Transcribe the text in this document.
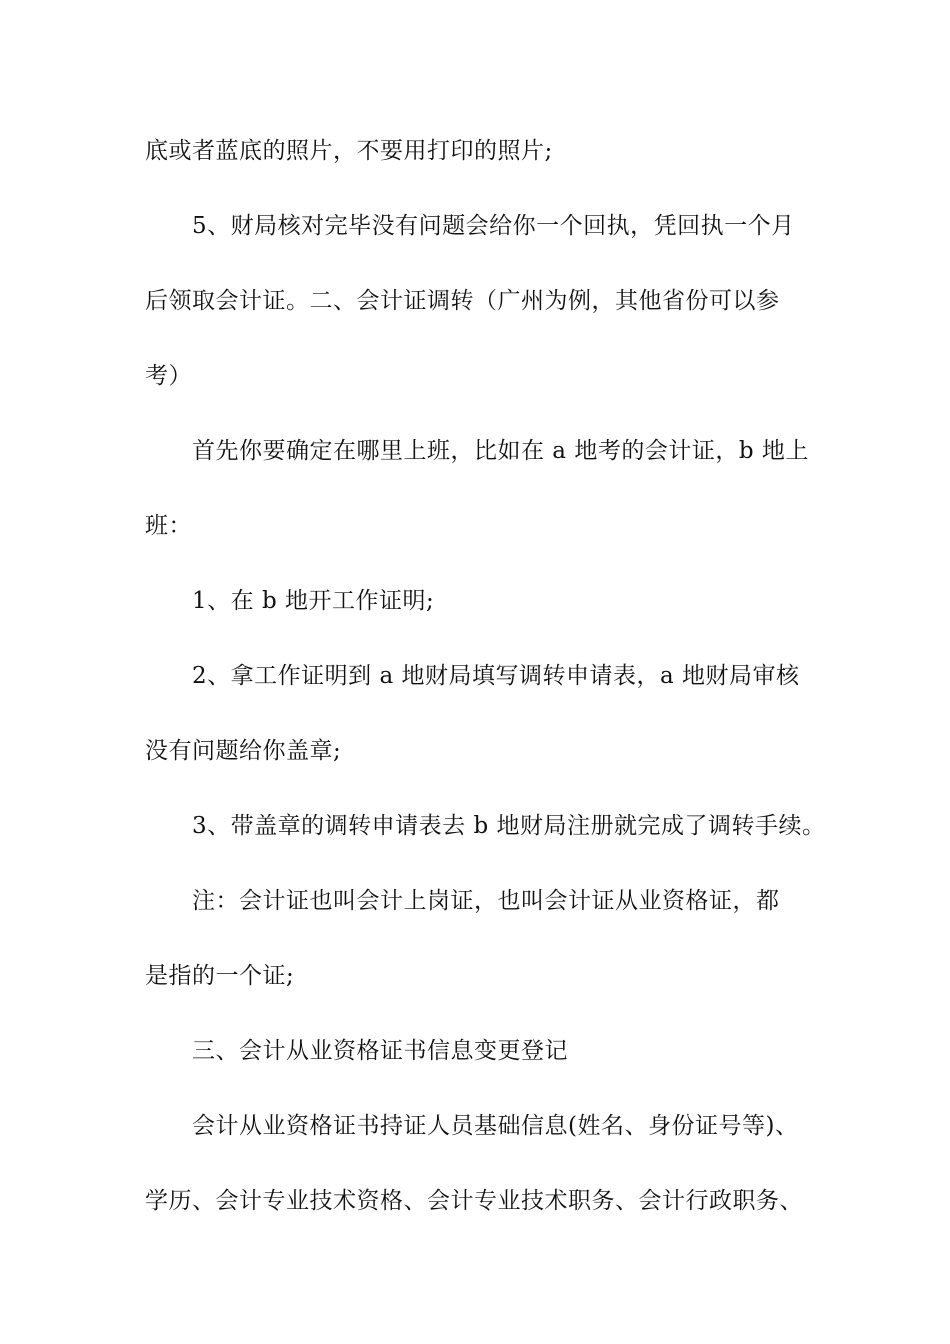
底或者蓝底的照片，不要用打印的照片;
5、财局核对完毕没有问题会给你一个回执，凭回执一个月
后领取会计证。二、会计证调转（广州为例，其他省份可以参
考）
首先你要确定在哪里上班，比如在 a 地考的会计证，b 地上
班：
1、在 b 地开工作证明;
2、拿工作证明到 a 地财局填写调转申请表，a 地财局审核
没有问题给你盖章;
3、带盖章的调转申请表去 b 地财局注册就完成了调转手续。
注：会计证也叫会计上岗证，也叫会计证从业资格证，都
是指的一个证;
三、会计从业资格证书信息变更登记
会计从业资格证书持证人员基础信息(姓名、身份证号等)、
学历、会计专业技术资格、会计专业技术职务、会计行政职务、
